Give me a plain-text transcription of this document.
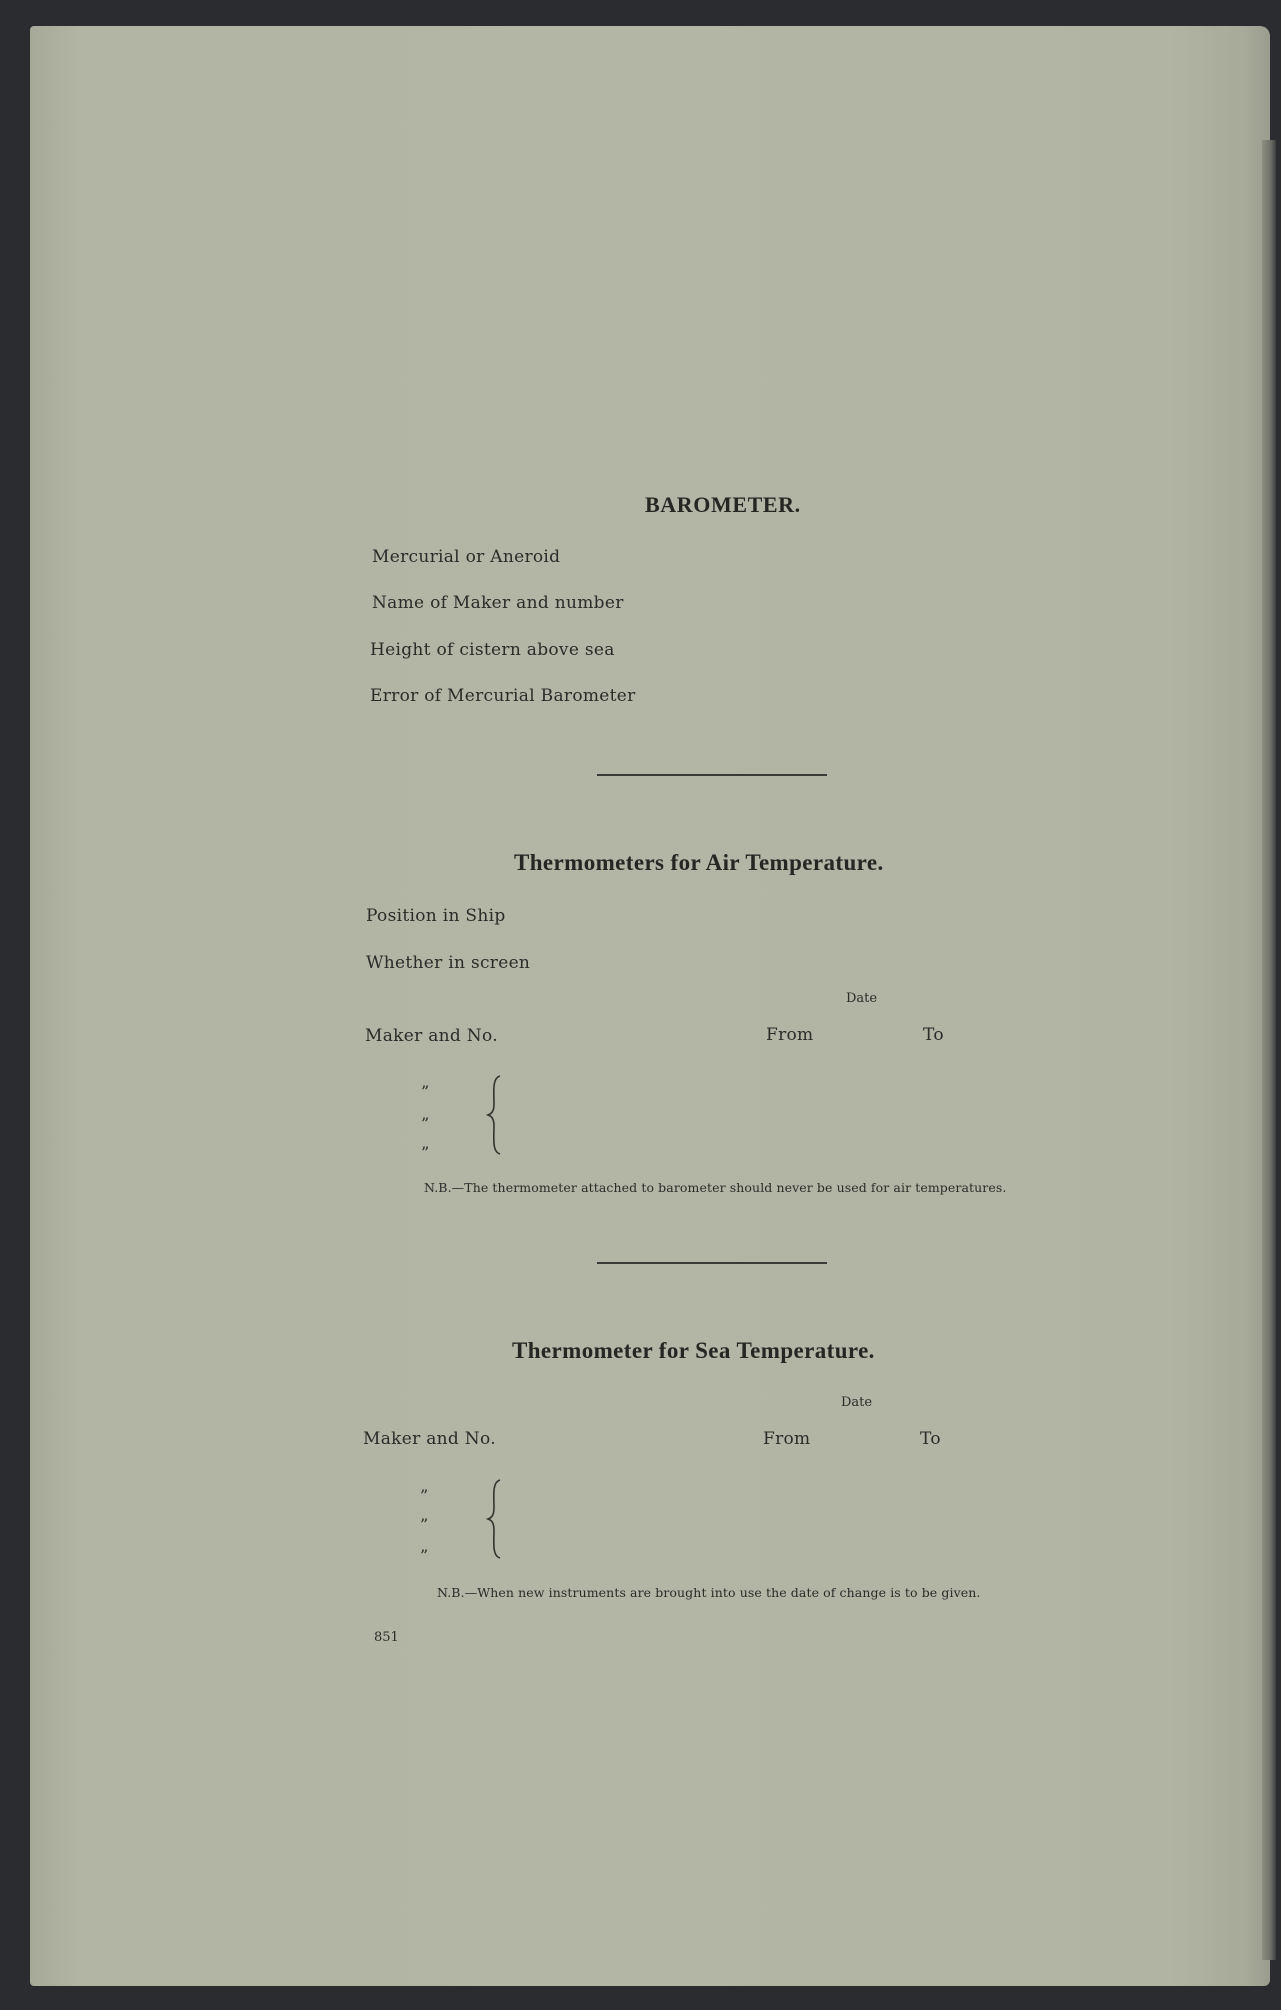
BAROMETER.
Mercurial or Aneroid
Name of Maker and number
Height of cistern above sea
Error of Mercurial Barometer
Thermometers for Air Temperature.
Position in Ship
Whether in screen
Date
Maker and No.	From	To
”
”
”
N.B.—The thermometer attached to barometer should never be used for air temperatures.
Thermometer for Sea Temperature.
Date
Maker and No.	From	To
”
”
”
N.B.—When new instruments are brought into use the date of change is to be given.
851
